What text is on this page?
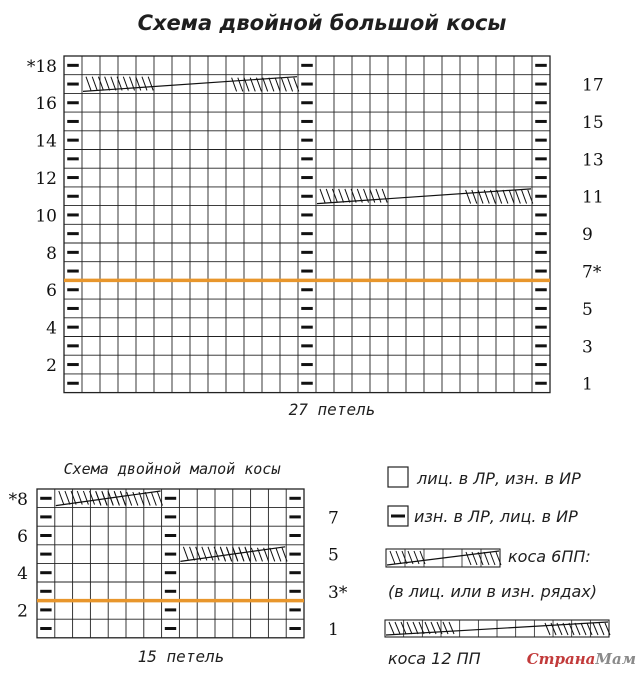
Схема двойной большой косы
*18
16
14
12
10
8
6
4
2
17
15
13
11
9
7*
5
3
1
27 петель
Схема двойной малой косы
*8
6
4
2
7
5
3*
1
15 петель
лиц. в ЛР, изн. в ИР
изн. в ЛР, лиц. в ИР
коса 6ПП:
(в лиц. или в изн. рядах)
коса 12 ПП	СтранаМам
